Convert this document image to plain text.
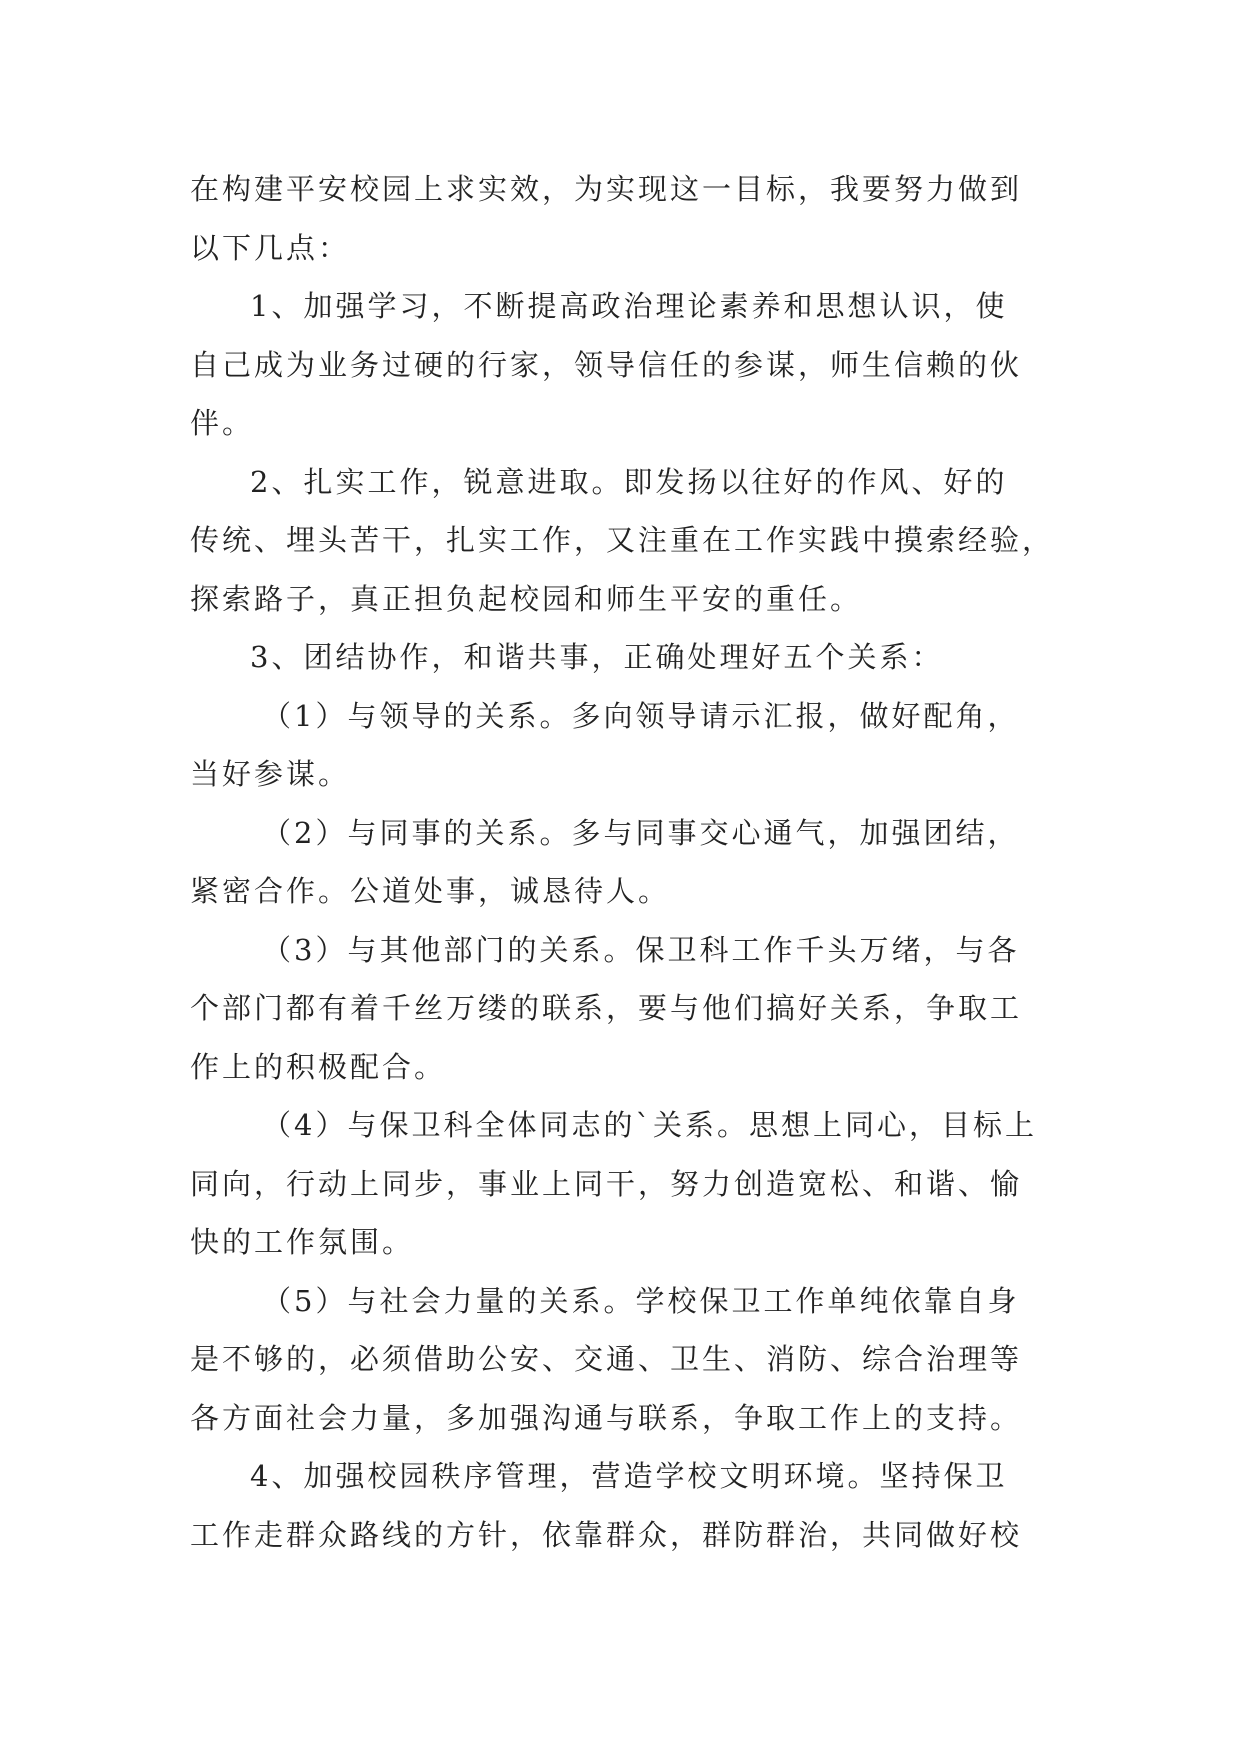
在构建平安校园上求实效，为实现这一目标，我要努力做到
以下几点：
1、加强学习，不断提高政治理论素养和思想认识，使
自己成为业务过硬的行家，领导信任的参谋，师生信赖的伙
伴。
2、扎实工作，锐意进取。即发扬以往好的作风、好的
传统、埋头苦干，扎实工作，又注重在工作实践中摸索经验，
探索路子，真正担负起校园和师生平安的重任。
3、团结协作，和谐共事，正确处理好五个关系：
（1）与领导的关系。多向领导请示汇报，做好配角，
当好参谋。
（2）与同事的关系。多与同事交心通气，加强团结，
紧密合作。公道处事，诚恳待人。
（3）与其他部门的关系。保卫科工作千头万绪，与各
个部门都有着千丝万缕的联系，要与他们搞好关系，争取工
作上的积极配合。
（4）与保卫科全体同志的`关系。思想上同心，目标上
同向，行动上同步，事业上同干，努力创造宽松、和谐、愉
快的工作氛围。
（5）与社会力量的关系。学校保卫工作单纯依靠自身
是不够的，必须借助公安、交通、卫生、消防、综合治理等
各方面社会力量，多加强沟通与联系，争取工作上的支持。
4、加强校园秩序管理，营造学校文明环境。坚持保卫
工作走群众路线的方针，依靠群众，群防群治，共同做好校
